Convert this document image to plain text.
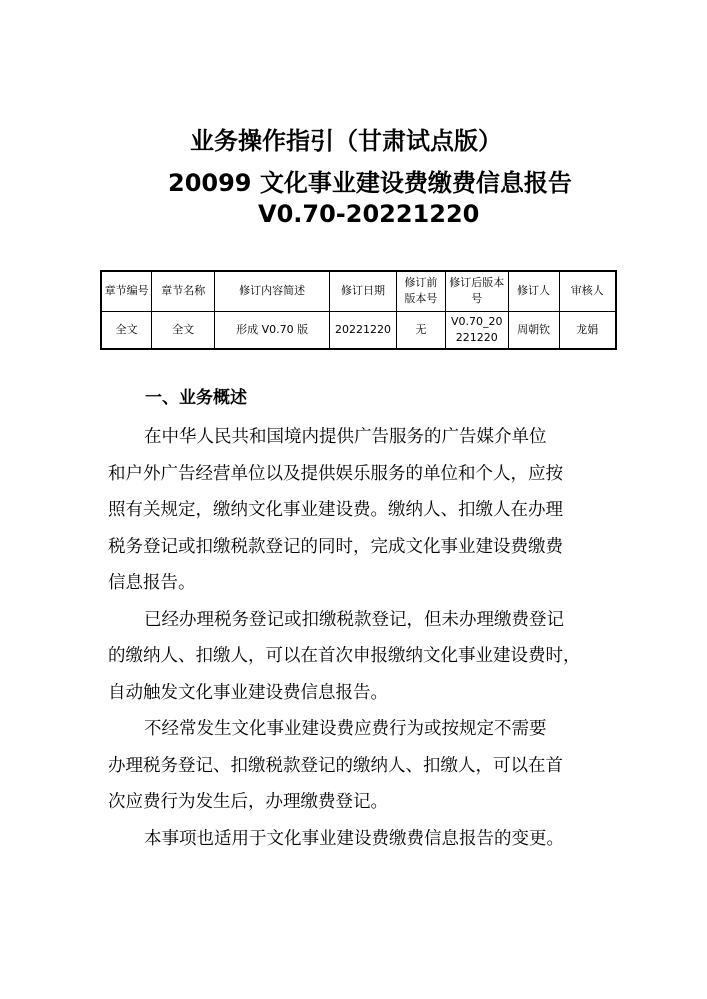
业务操作指引（甘肃试点版）
20099 文化事业建设费缴费信息报告
V0.70-20221220
章节编号	章节名称	修订内容简述	修订日期	修订前版本号	修订后版本号	修订人	审核人
全文	全文	形成 V0.70 版	20221220	无	V0.70_20221220	周朝钦	龙娟
一、业务概述
在中华人民共和国境内提供广告服务的广告媒介单位
和户外广告经营单位以及提供娱乐服务的单位和个人，应按
照有关规定，缴纳文化事业建设费。缴纳人、扣缴人在办理
税务登记或扣缴税款登记的同时，完成文化事业建设费缴费
信息报告。
已经办理税务登记或扣缴税款登记，但未办理缴费登记
的缴纳人、扣缴人，可以在首次申报缴纳文化事业建设费时，
自动触发文化事业建设费信息报告。
不经常发生文化事业建设费应费行为或按规定不需要
办理税务登记、扣缴税款登记的缴纳人、扣缴人，可以在首
次应费行为发生后，办理缴费登记。
本事项也适用于文化事业建设费缴费信息报告的变更。
